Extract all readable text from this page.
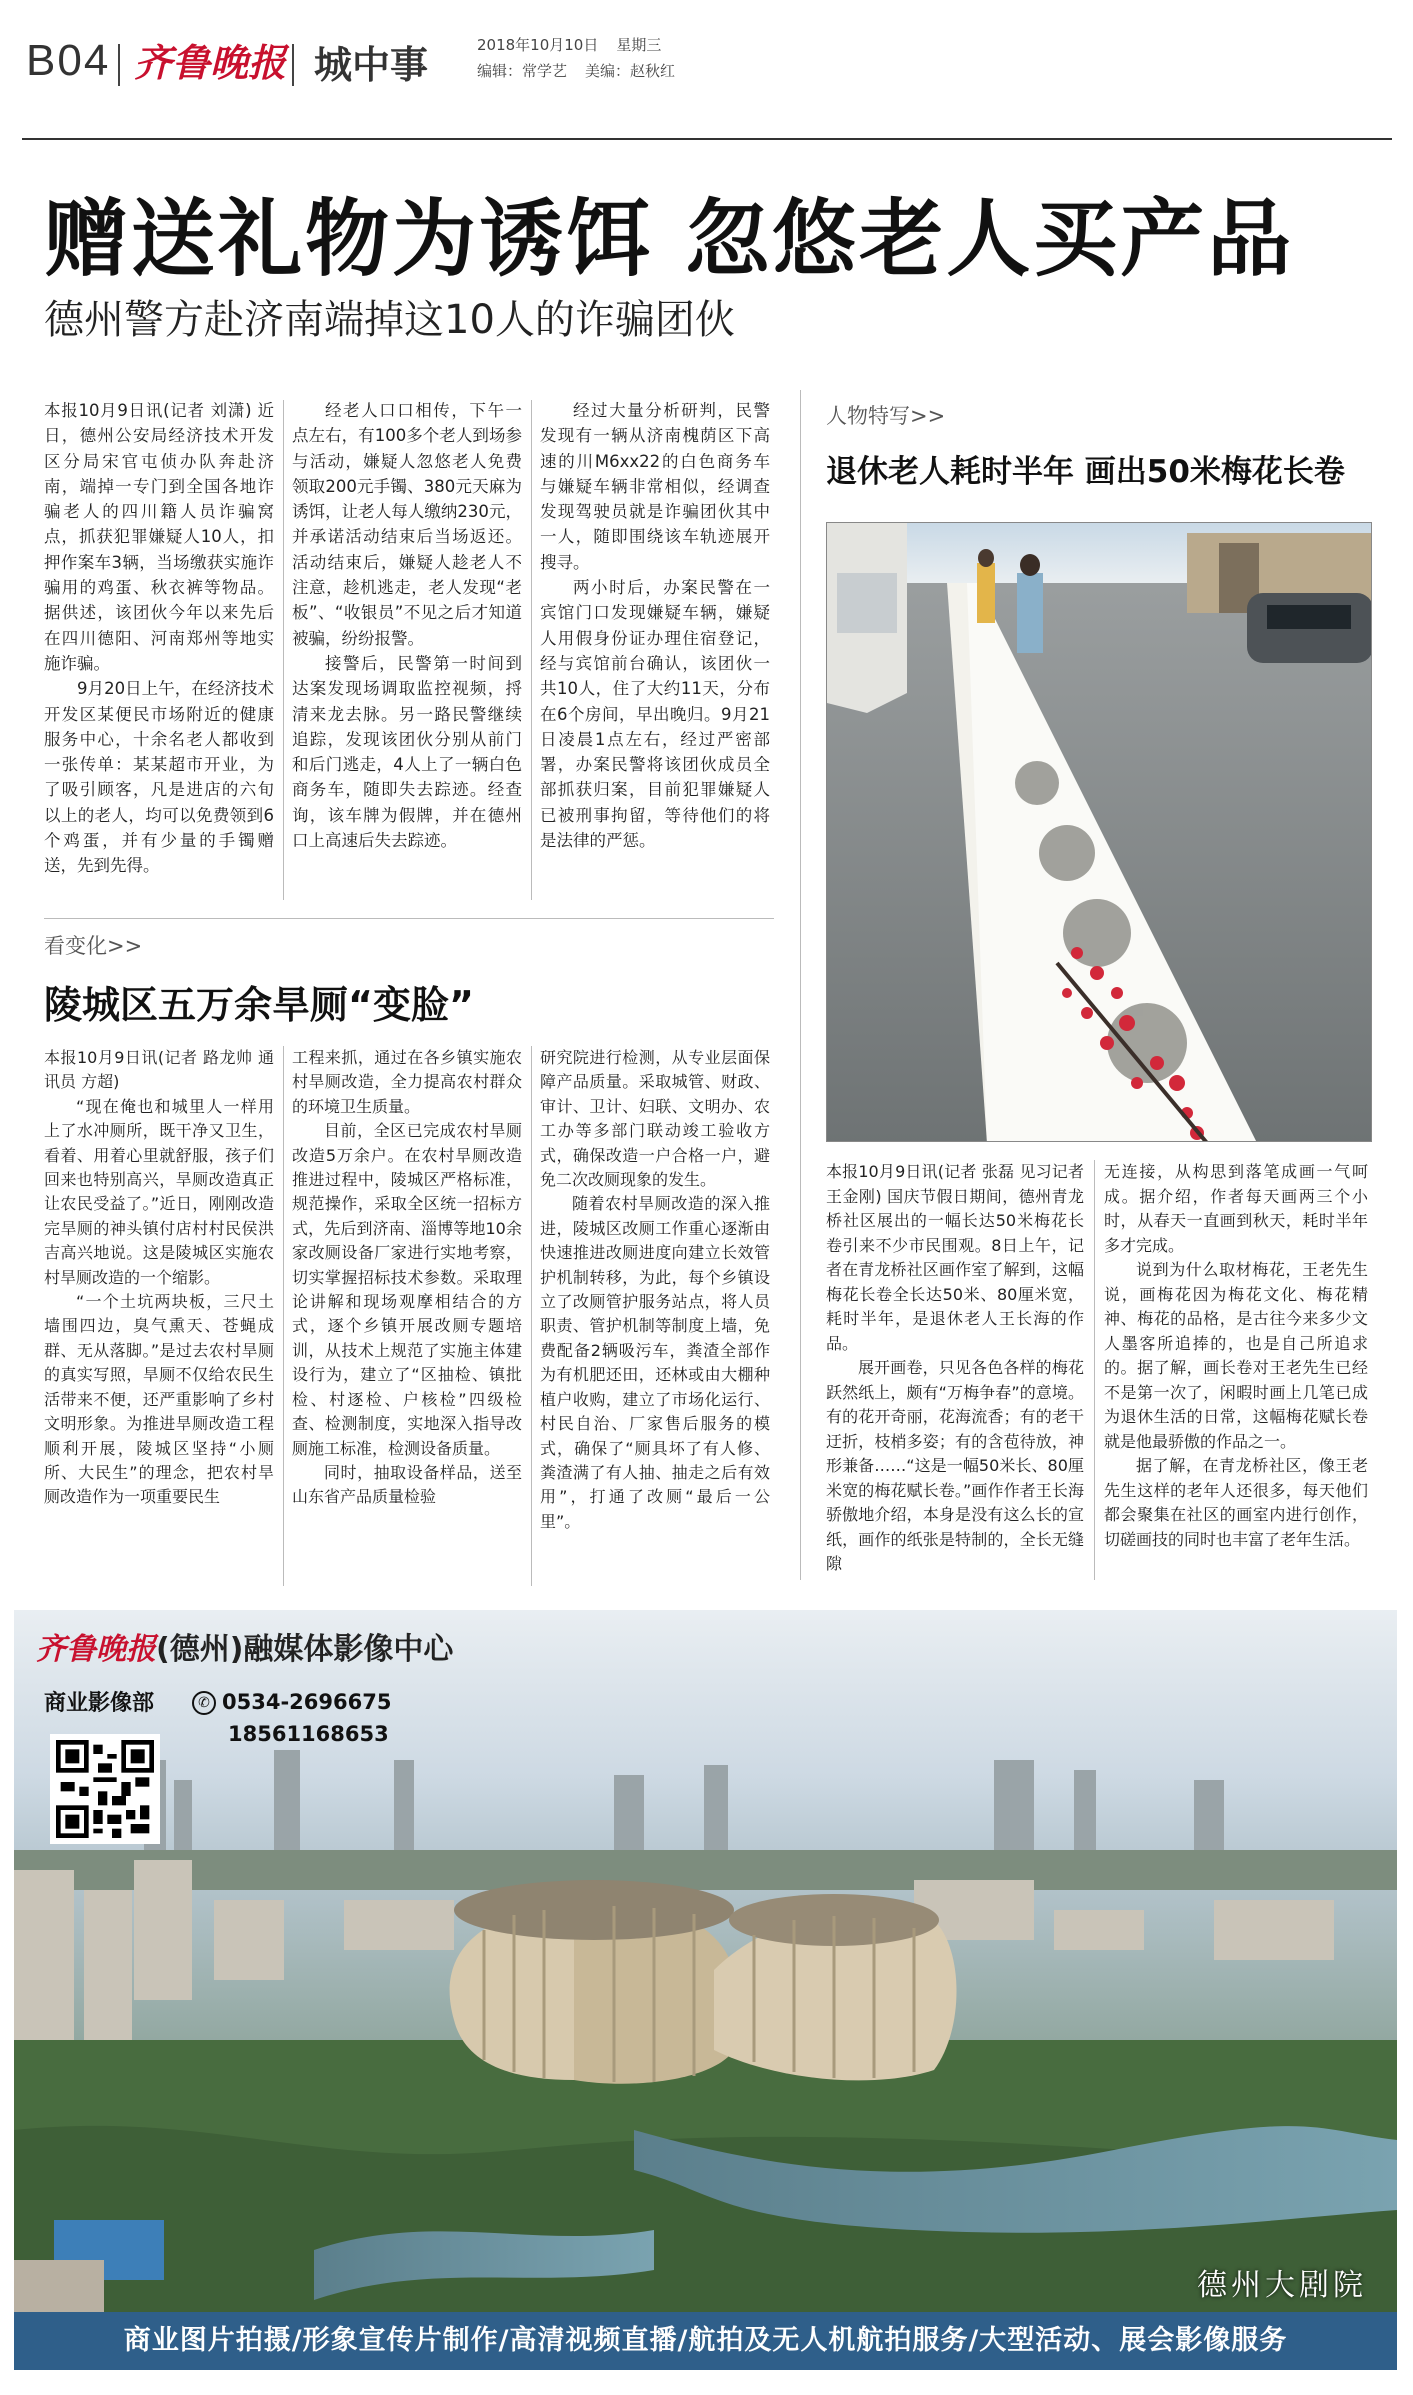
B04 齐鲁晚报 城中事	2018年10月10日 星期三
编辑：常学艺 美编：赵秋红
赠送礼物为诱饵 忽悠老人买产品
德州警方赴济南端掉这10人的诈骗团伙

本报10月9日讯(记者 刘潇) 近日，德州公安局经济技术开发区分局宋官屯侦办队奔赴济南，端掉一专门到全国各地诈骗老人的四川籍人员诈骗窝点，抓获犯罪嫌疑人10人，扣押作案车3辆，当场缴获实施诈骗用的鸡蛋、秋衣裤等物品。据供述，该团伙今年以来先后在四川德阳、河南郑州等地实施诈骗。

9月20日上午，在经济技术开发区某便民市场附近的健康服务中心，十余名老人都收到一张传单：某某超市开业，为了吸引顾客，凡是进店的六旬以上的老人，均可以免费领到6个鸡蛋，并有少量的手镯赠送，先到先得。

经老人口口相传，下午一点左右，有100多个老人到场参与活动，嫌疑人忽悠老人免费领取200元手镯、380元天麻为诱饵，让老人每人缴纳230元，并承诺活动结束后当场返还。活动结束后，嫌疑人趁老人不注意，趁机逃走，老人发现“老板”、“收银员”不见之后才知道被骗，纷纷报警。

接警后，民警第一时间到达案发现场调取监控视频，捋清来龙去脉。另一路民警继续追踪，发现该团伙分别从前门和后门逃走，4人上了一辆白色商务车，随即失去踪迹。经查询，该车牌为假牌，并在德州口上高速后失去踪迹。

经过大量分析研判，民警发现有一辆从济南槐荫区下高速的川M6xx22的白色商务车与嫌疑车辆非常相似，经调查发现驾驶员就是诈骗团伙其中一人，随即围绕该车轨迹展开搜寻。

两小时后，办案民警在一宾馆门口发现嫌疑车辆，嫌疑人用假身份证办理住宿登记，经与宾馆前台确认，该团伙一共10人，住了大约11天，分布在6个房间，早出晚归。9月21日凌晨1点左右，经过严密部署，办案民警将该团伙成员全部抓获归案，目前犯罪嫌疑人已被刑事拘留，等待他们的将是法律的严惩。

人物特写>>
退休老人耗时半年 画出50米梅花长卷

本报10月9日讯(记者 张磊 见习记者 王金刚) 国庆节假日期间，德州青龙桥社区展出的一幅长达50米梅花长卷引来不少市民围观。8日上午，记者在青龙桥社区画作室了解到，这幅梅花长卷全长达50米、80厘米宽，耗时半年，是退休老人王长海的作品。

展开画卷，只见各色各样的梅花跃然纸上，颇有“万梅争春”的意境。有的花开奇丽，花海流香；有的老干迂折，枝梢多姿；有的含苞待放，神形兼备……“这是一幅50米长、80厘米宽的梅花赋长卷。”画作作者王长海骄傲地介绍，本身是没有这么长的宣纸，画作的纸张是特制的，全长无缝隙

无连接，从构思到落笔成画一气呵成。据介绍，作者每天画两三个小时，从春天一直画到秋天，耗时半年多才完成。

说到为什么取材梅花，王老先生说，画梅花因为梅花文化、梅花精神、梅花的品格，是古往今来多少文人墨客所追捧的，也是自己所追求的。据了解，画长卷对王老先生已经不是第一次了，闲暇时画上几笔已成为退休生活的日常，这幅梅花赋长卷就是他最骄傲的作品之一。

据了解，在青龙桥社区，像王老先生这样的老年人还很多，每天他们都会聚集在社区的画室内进行创作，切磋画技的同时也丰富了老年生活。

看变化>>
陵城区五万余旱厕“变脸”

本报10月9日讯(记者 路龙帅 通讯员 方超)

“现在俺也和城里人一样用上了水冲厕所，既干净又卫生，看着、用着心里就舒服，孩子们回来也特别高兴，旱厕改造真正让农民受益了。”近日，刚刚改造完旱厕的神头镇付店村村民侯洪吉高兴地说。这是陵城区实施农村旱厕改造的一个缩影。

“一个土坑两块板，三尺土墙围四边，臭气熏天、苍蝇成群、无从落脚。”是过去农村旱厕的真实写照，旱厕不仅给农民生活带来不便，还严重影响了乡村文明形象。为推进旱厕改造工程顺利开展，陵城区坚持“小厕所、大民生”的理念，把农村旱厕改造作为一项重要民生

工程来抓，通过在各乡镇实施农村旱厕改造，全力提高农村群众的环境卫生质量。

目前，全区已完成农村旱厕改造5万余户。在农村旱厕改造推进过程中，陵城区严格标准，规范操作，采取全区统一招标方式，先后到济南、淄博等地10余家改厕设备厂家进行实地考察，切实掌握招标技术参数。采取理论讲解和现场观摩相结合的方式，逐个乡镇开展改厕专题培训，从技术上规范了实施主体建设行为，建立了“区抽检、镇批检、村逐检、户核检”四级检查、检测制度，实地深入指导改厕施工标准，检测设备质量。

同时，抽取设备样品，送至山东省产品质量检验

研究院进行检测，从专业层面保障产品质量。采取城管、财政、审计、卫计、妇联、文明办、农工办等多部门联动竣工验收方式，确保改造一户合格一户，避免二次改厕现象的发生。

随着农村旱厕改造的深入推进，陵城区改厕工作重心逐渐由快速推进改厕进度向建立长效管护机制转移，为此，每个乡镇设立了改厕管护服务站点，将人员职责、管护机制等制度上墙，免费配备2辆吸污车，粪渣全部作为有机肥还田，还林或由大棚种植户收购，建立了市场化运行、村民自治、厂家售后服务的模式，确保了“厕具坏了有人修、粪渣满了有人抽、抽走之后有效用”，打通了改厕“最后一公里”。

齐鲁晚报(德州)融媒体影像中心
商业影像部	✆ 0534-2696675
18561168653
德州大剧院
商业图片拍摄/形象宣传片制作/高清视频直播/航拍及无人机航拍服务/大型活动、展会影像服务
